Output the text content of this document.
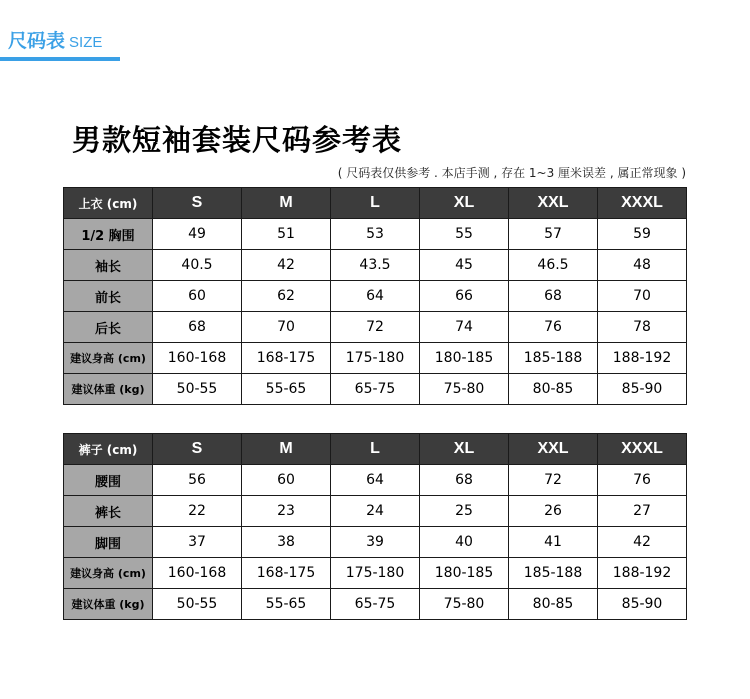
尺码表 SIZE
男款短袖套装尺码参考表
( 尺码表仅供参考 . 本店手测 , 存在 1~3 厘米误差 , 属正常现象 )
上衣 (cm)	S	M	L	XL	XXL	XXXL
1/2 胸围	49	51	53	55	57	59
袖长	40.5	42	43.5	45	46.5	48
前长	60	62	64	66	68	70
后长	68	70	72	74	76	78
建议身高 (cm)	160-168	168-175	175-180	180-185	185-188	188-192
建议体重 (kg)	50-55	55-65	65-75	75-80	80-85	85-90
裤子 (cm)	S	M	L	XL	XXL	XXXL
腰围	56	60	64	68	72	76
裤长	22	23	24	25	26	27
脚围	37	38	39	40	41	42
建议身高 (cm)	160-168	168-175	175-180	180-185	185-188	188-192
建议体重 (kg)	50-55	55-65	65-75	75-80	80-85	85-90
